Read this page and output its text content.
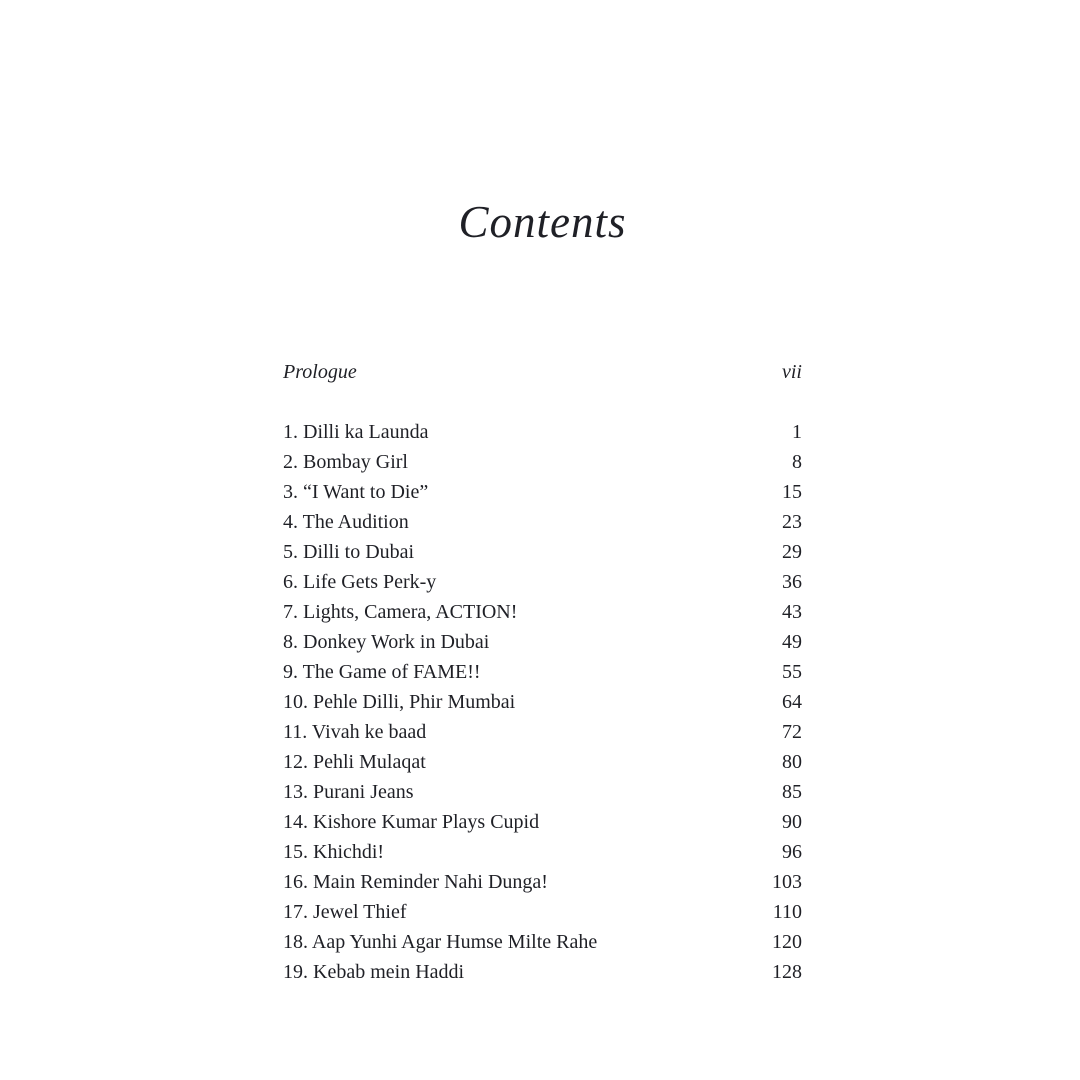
Contents
Prologue	vii
1. Dilli ka Launda	1
2. Bombay Girl	8
3. “I Want to Die”	15
4. The Audition	23
5. Dilli to Dubai	29
6. Life Gets Perk-y	36
7. Lights, Camera, ACTION!	43
8. Donkey Work in Dubai	49
9. The Game of FAME!!	55
10. Pehle Dilli, Phir Mumbai	64
11. Vivah ke baad	72
12. Pehli Mulaqat	80
13. Purani Jeans	85
14. Kishore Kumar Plays Cupid	90
15. Khichdi!	96
16. Main Reminder Nahi Dunga!	103
17. Jewel Thief	110
18. Aap Yunhi Agar Humse Milte Rahe	120
19. Kebab mein Haddi	128
